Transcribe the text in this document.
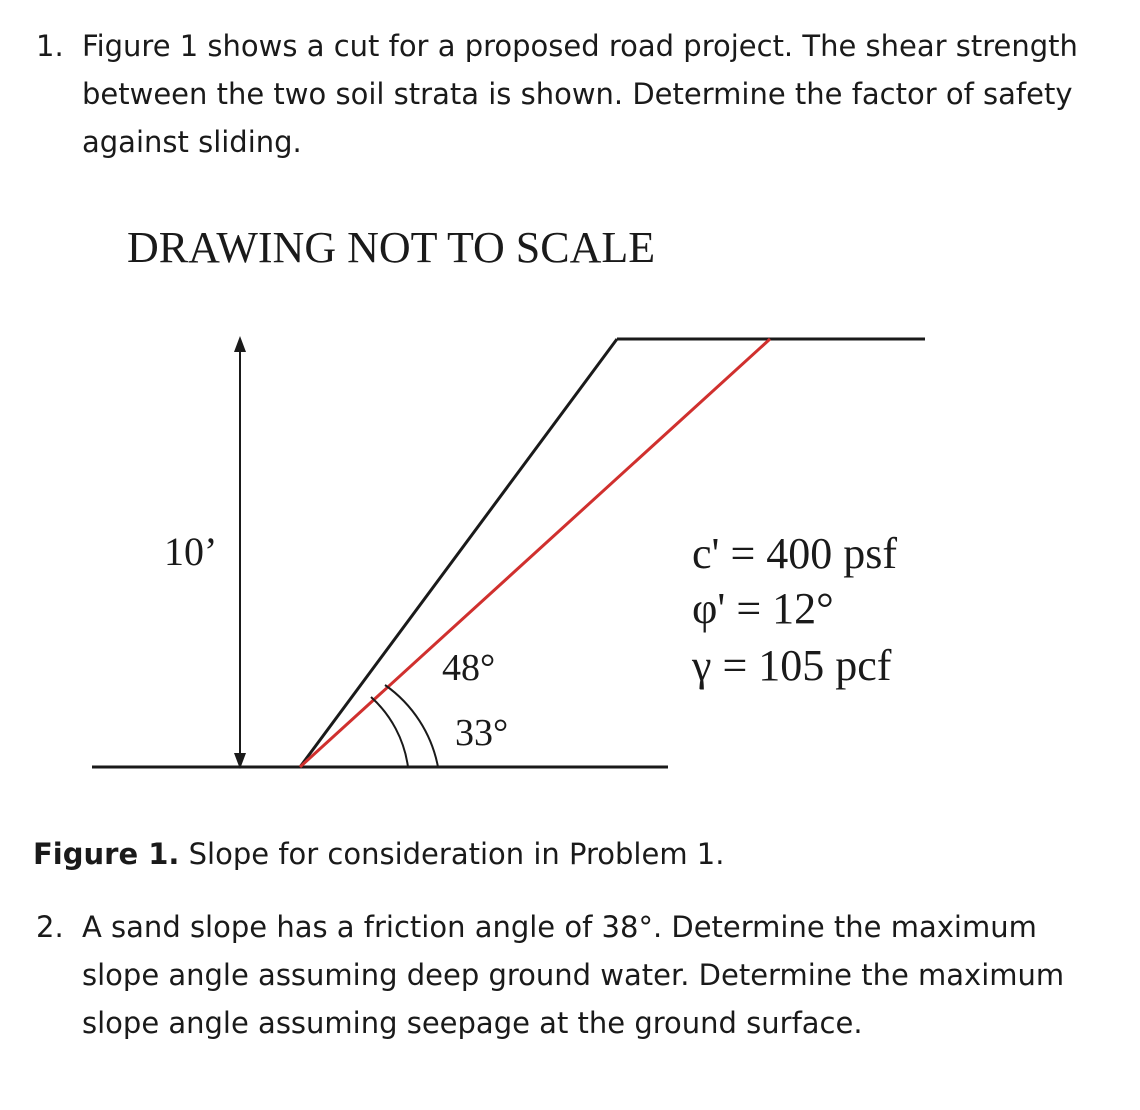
1. Figure 1 shows a cut for a proposed road project. The shear strength between the two soil strata is shown. Determine the factor of safety against sliding.
DRAWING NOT TO SCALE
10’
48°
33°
c' = 400 psf
φ' = 12°
γ = 105 pcf
Figure 1. Slope for consideration in Problem 1.
2. A sand slope has a friction angle of 38°. Determine the maximum slope angle assuming deep ground water. Determine the maximum slope angle assuming seepage at the ground surface.
